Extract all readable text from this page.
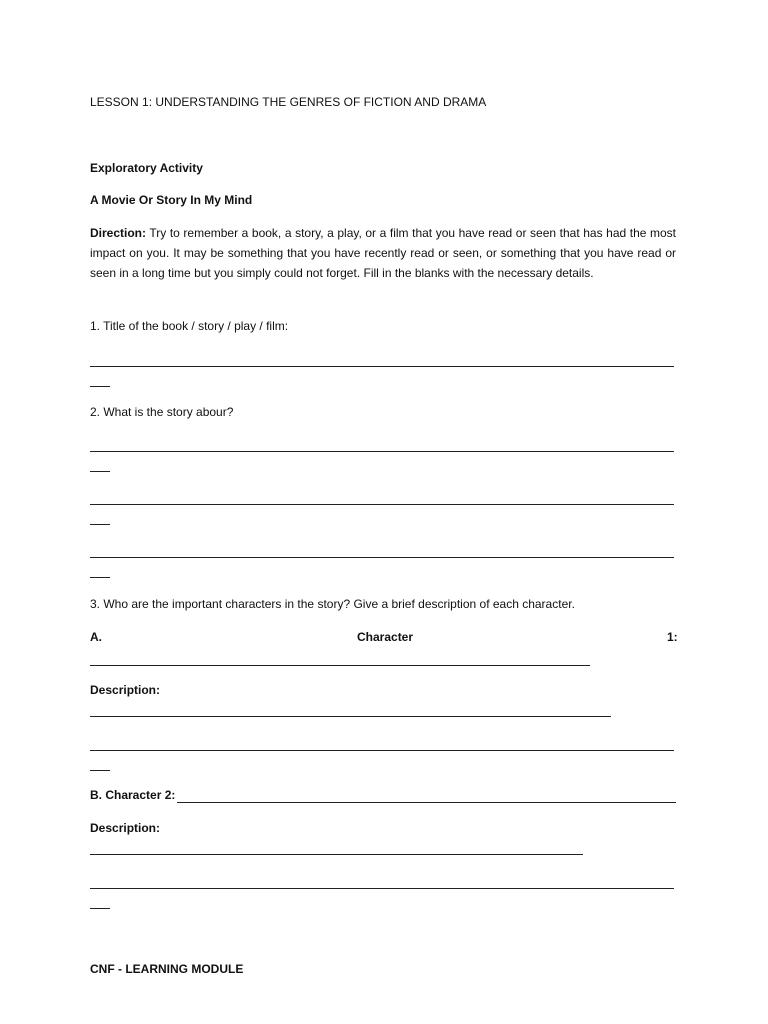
LESSON 1: UNDERSTANDING THE GENRES OF FICTION AND DRAMA
Exploratory Activity
A Movie Or Story In My Mind
Direction: Try to remember a book, a story, a play, or a film that you have read or seen that has had the most impact on you. It may be something that you have recently read or seen, or something that you have read or seen in a long time but you simply could not forget. Fill in the blanks with the necessary details.
1. Title of the book / story / play / film:
2. What is the story abour?
3. Who are the important characters in the story? Give a brief description of each character.
A.	Character	1:
Description:
B. Character 2:
Description:
CNF - LEARNING MODULE
